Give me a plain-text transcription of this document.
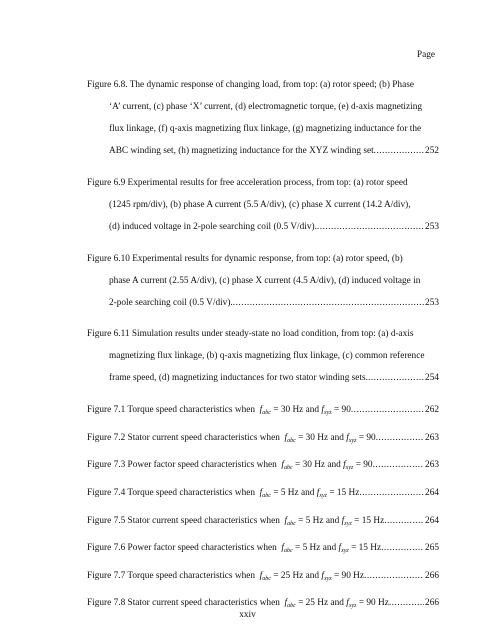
Page
Figure 6.8. The dynamic response of changing load, from top: (a) rotor speed; (b) Phase
‘A’ current, (c) phase ‘X’ current, (d) electromagnetic torque, (e) d-axis magnetizing
flux linkage, (f) q-axis magnetizing flux linkage, (g) magnetizing inductance for the
ABC winding set, (h) magnetizing inductance for the XYZ winding set .....	252
Figure 6.9 Experimental results for free acceleration process, from top: (a) rotor speed
(1245 rpm/div), (b) phase A current (5.5 A/div), (c) phase X current (14.2 A/div),
(d) induced voltage in 2-pole searching coil (0.5 V/div). .....	253
Figure 6.10 Experimental results for dynamic response, from top: (a) rotor speed, (b)
phase A current (2.55 A/div), (c) phase X current (4.5 A/div), (d) induced voltage in
2-pole searching coil (0.5 V/div). .....	253
Figure 6.11 Simulation results under steady-state no load condition, from top: (a) d-axis
magnetizing flux linkage, (b) q-axis magnetizing flux linkage, (c) common reference
frame speed, (d) magnetizing inductances for two stator winding sets. .....	254
Figure 7.1 Torque speed characteristics when  $f_{abc} = 30$ Hz and $f_{xyz} = 90$ .....	262
Figure 7.2 Stator current speed characteristics when  $f_{abc} = 30$ Hz and $f_{xyz} = 90$ .....	263
Figure 7.3 Power factor speed characteristics when  $f_{abc} = 30$ Hz and $f_{xyz} = 90$ .....	263
Figure 7.4 Torque speed characteristics when  $f_{abc} = 5$ Hz and $f_{xyz} = 15$ Hz .....	264
Figure 7.5 Stator current speed characteristics when  $f_{abc} = 5$ Hz and $f_{xyz} = 15$ Hz .....	264
Figure 7.6 Power factor speed characteristics when  $f_{abc} = 5$ Hz and $f_{xyz} = 15$ Hz .....	265
Figure 7.7 Torque speed characteristics when  $f_{abc} = 25$ Hz and $f_{xyz} = 90$ Hz .....	266
Figure 7.8 Stator current speed characteristics when  $f_{abc} = 25$ Hz and $f_{xyz} = 90$ Hz .....	266
xxiv
